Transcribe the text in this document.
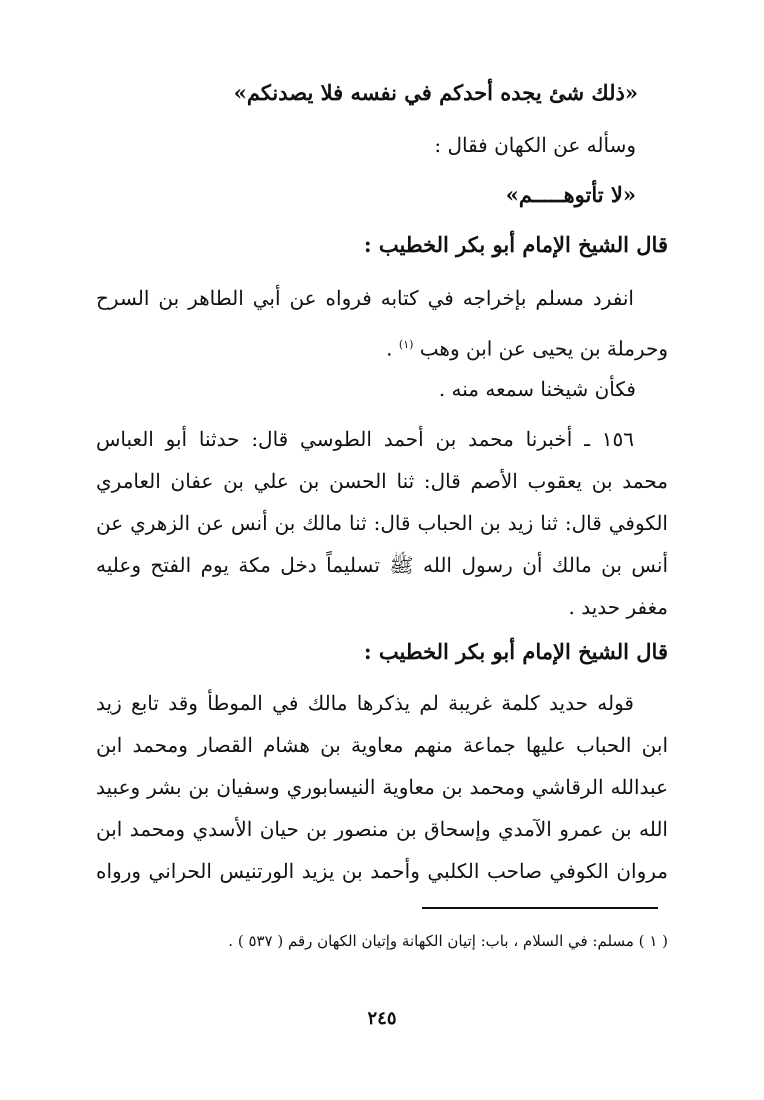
«ذلك شئ يجده أحدكم في نفسه فلا يصدنكم»
وسأله عن الكهان فقال :
«لا تأتوهـــــم»
قال الشيخ الإمام أبو بكر الخطيب :
انفرد مسلم بإخراجه في كتابه فرواه عن أبي الطاهر بن السرح
وحرملة بن يحيى عن ابن وهب $^{(١)}$ .
فكأن شيخنا سمعه منه .
١٥٦ ـ أخبرنا محمد بن أحمد الطوسي قال: حدثنا أبو العباس
محمد بن يعقوب الأصم قال: ثنا الحسن بن علي بن عفان العامري
الكوفي قال: ثنا زيد بن الحباب قال: ثنا مالك بن أنس عن الزهري عن
أنس بن مالك أن رسول الله ﷺ تسليماً دخل مكة يوم الفتح وعليه
مغفر حديد .
قال الشيخ الإمام أبو بكر الخطيب :
قوله حديد كلمة غريبة لم يذكرها مالك في الموطأ وقد تابع زيد
ابن الحباب عليها جماعة منهم معاوية بن هشام القصار ومحمد ابن
عبدالله الرقاشي ومحمد بن معاوية النيسابوري وسفيان بن بشر وعبيد
الله بن عمرو الآمدي وإسحاق بن منصور بن حيان الأسدي ومحمد ابن
مروان الكوفي صاحب الكلبي وأحمد بن يزيد الورتنيس الحراني ورواه
( ١ ) مسلم: في السلام ، باب: إتيان الكهانة وإتيان الكهان رقم ( ٥٣٧ ) .
٢٤٥
